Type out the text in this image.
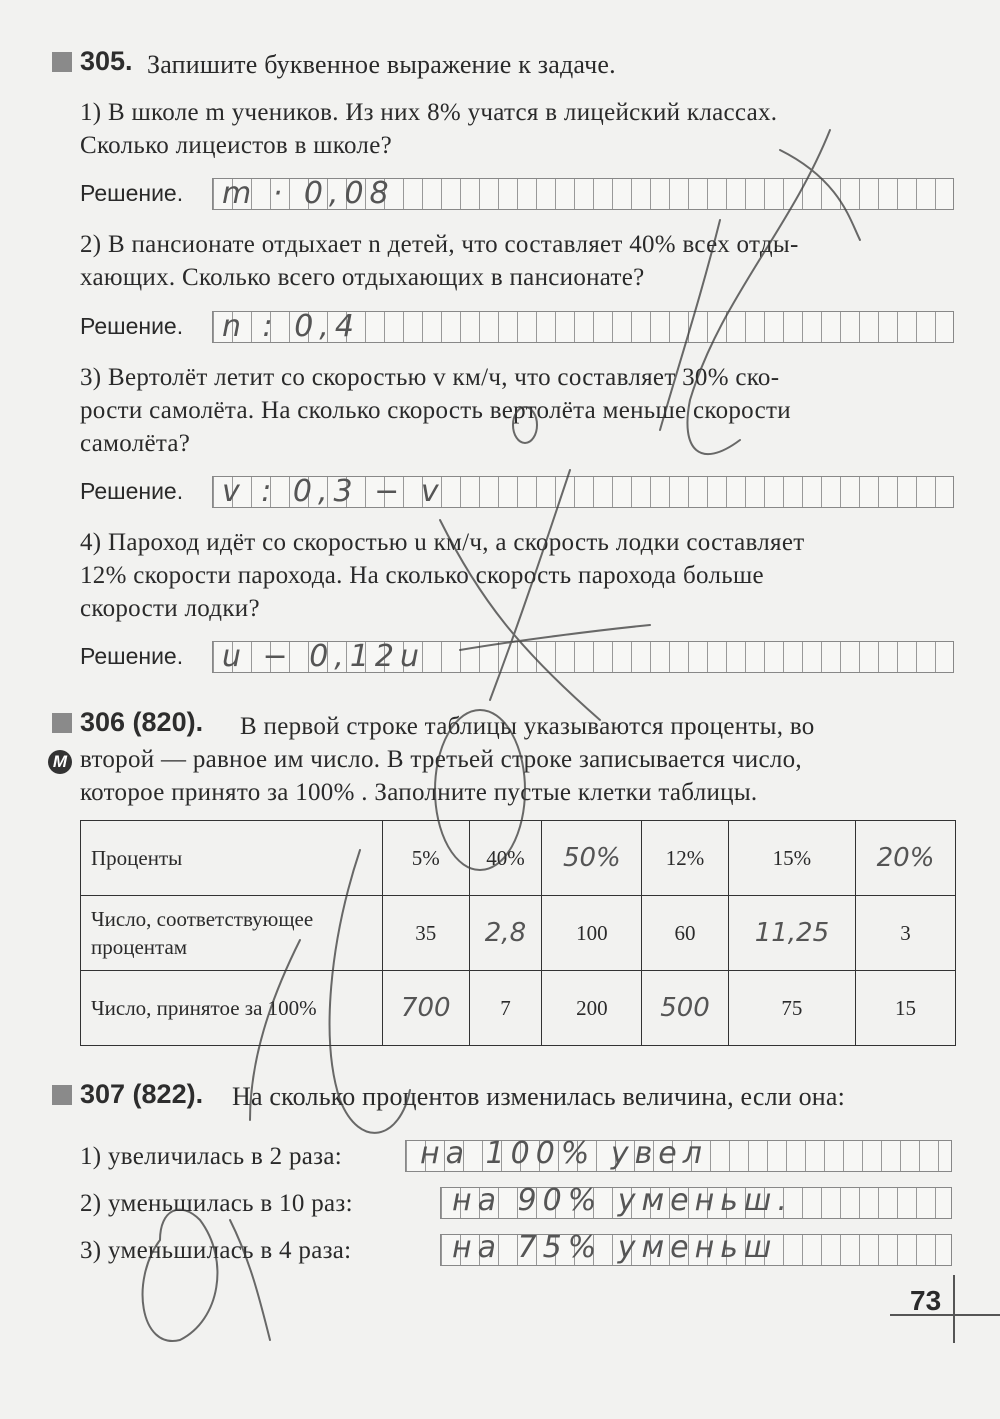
305. Запишите буквенное выражение к задаче.
1) В школе m учеников. Из них 8% учатся в лицейский классах.
Сколько лицеистов в школе?
Решение. m · 0,08
2) В пансионате отдыхает n детей, что составляет 40% всех отды-
хающих. Сколько всего отдыхающих в пансионате?
Решение. n : 0,4
3) Вертолёт летит со скоростью v км/ч, что составляет 30% ско-
рости самолёта. На сколько скорость вертолёта меньше скорости
самолёта?
Решение. v : 0,3 − v
4) Пароход идёт со скоростью u км/ч, а скорость лодки составляет
12% скорости парохода. На сколько скорость парохода больше
скорости лодки?
Решение. u − 0,12u
306 (820).
M
В первой строке таблицы указываются проценты, во
второй — равное им число. В третьей строке записывается число,
которое принято за 100% . Заполните пустые клетки таблицы.
Проценты	5%	40%	50%	12%	15%	20%
Число, соответствующее процентам	35	2,8	100	60	11,25	3
Число, принятое за 100%	700	7	200	500	75	15
307 (822). На сколько процентов изменилась величина, если она:
1) увеличилась в 2 раза:	на 100% увел
2) уменьшилась в 10 раз:	на 90% уменьш.
3) уменьшилась в 4 раза:	на 75% уменьш
73
